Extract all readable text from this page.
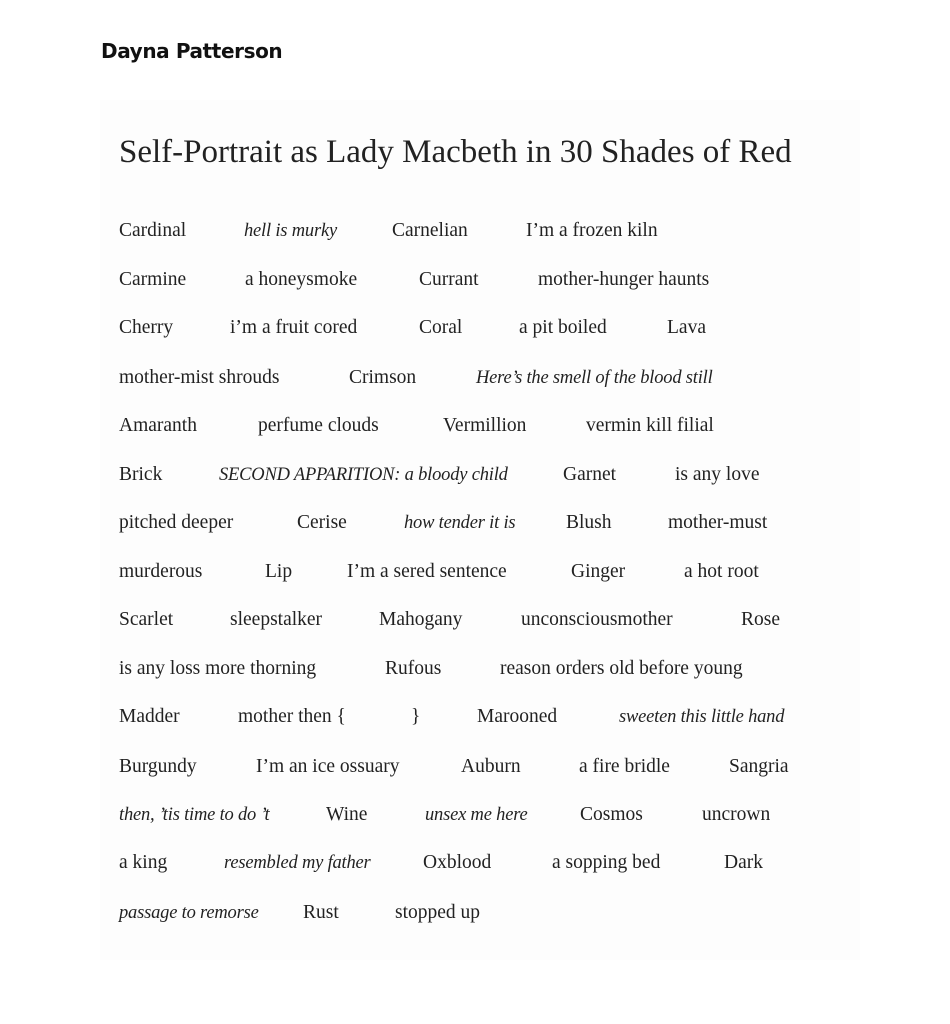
Dayna Patterson
Self-Portrait as Lady Macbeth in 30 Shades of Red
Cardinal	hell is murky	Carnelian	I’m a frozen kiln
Carmine	a honeysmoke	Currant	mother-hunger haunts
Cherry	i’m a fruit cored	Coral	a pit boiled	Lava
mother-mist shrouds	Crimson	Here’s the smell of the blood still
Amaranth	perfume clouds	Vermillion	vermin kill filial
Brick	SECOND APPARITION: a bloody child	Garnet	is any love
pitched deeper	Cerise	how tender it is	Blush	mother-must
murderous	Lip	I’m a sered sentence	Ginger	a hot root
Scarlet	sleepstalker	Mahogany	unconsciousmother	Rose
is any loss more thorning	Rufous	reason orders old before young
Madder	mother then {	}	Marooned	sweeten this little hand
Burgundy	I’m an ice ossuary	Auburn	a fire bridle	Sangria
then, ’tis time to do ’t	Wine	unsex me here	Cosmos	uncrown
a king	resembled my father	Oxblood	a sopping bed	Dark
passage to remorse Rust	stopped up
